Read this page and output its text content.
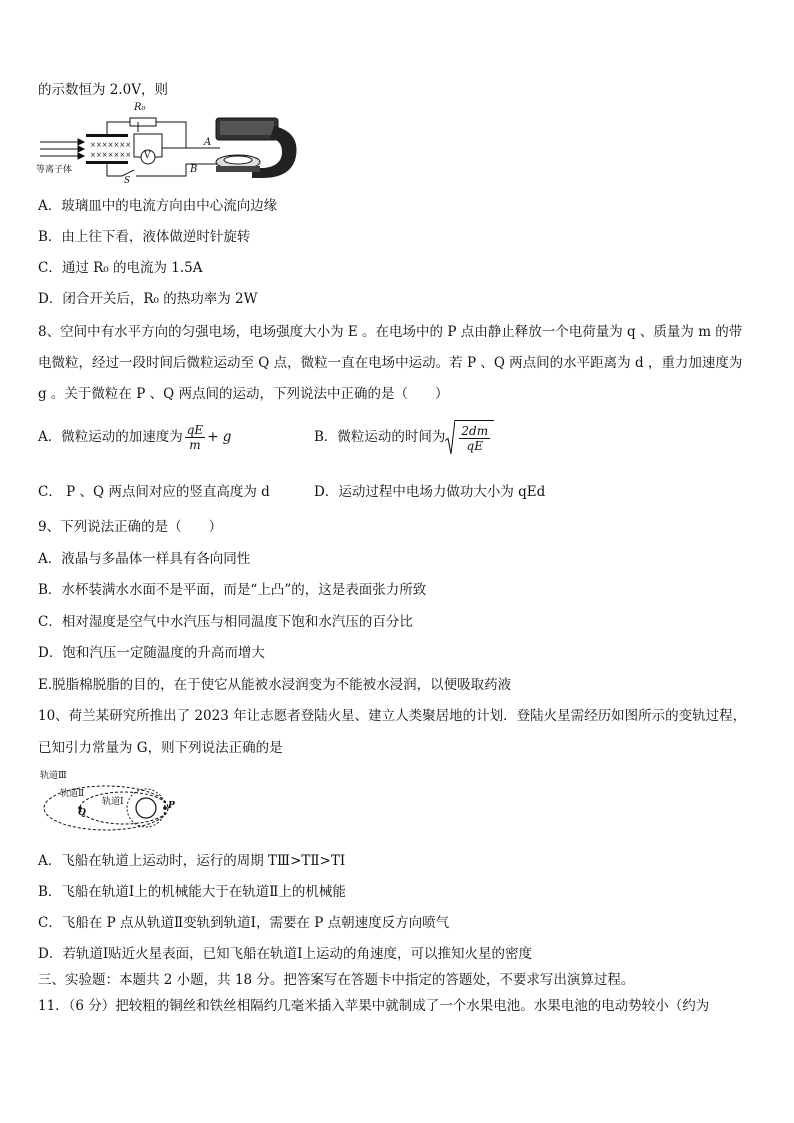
的示数恒为 2.0V，则
×××××××
×××××××
等离子体
R₀
V
S
A
B
A．玻璃皿中的电流方向由中心流向边缘
B．由上往下看，液体做逆时针旋转
C．通过 R₀ 的电流为 1.5A
D．闭合开关后，R₀ 的热功率为 2W
8、空间中有水平方向的匀强电场，电场强度大小为 E 。在电场中的 P 点由静止释放一个电荷量为 q 、质量为 m 的带
电微粒，经过一段时间后微粒运动至 Q 点，微粒一直在电场中运动。若 P 、Q 两点间的水平距离为 d ，重力加速度为
g 。关于微粒在 P 、Q 两点间的运动，下列说法中正确的是（　　）
A．微粒运动的加速度为 $\frac{qE}{m} + g$	B．微粒运动的时间为 $\frac{2dm}{qE}$
C． P 、Q 两点间对应的竖直高度为 d	D．运动过程中电场力做功大小为 qEd
9、下列说法正确的是（　　）
A．液晶与多晶体一样具有各向同性
B．水杯装满水水面不是平面，而是“上凸”的，这是表面张力所致
C．相对湿度是空气中水汽压与相同温度下饱和水汽压的百分比
D．饱和汽压一定随温度的升高而增大
E.脱脂棉脱脂的目的，在于使它从能被水浸润变为不能被水浸润，以便吸取药液
10、荷兰某研究所推出了 2023 年让志愿者登陆火星、建立人类聚居地的计划．登陆火星需经历如图所示的变轨过程，
已知引力常量为 G，则下列说法正确的是
轨道Ⅲ
轨道Ⅱ
轨道Ⅰ
Q
P
A．飞船在轨道上运动时，运行的周期 TⅢ>TⅡ>TⅠ
B．飞船在轨道Ⅰ上的机械能大于在轨道Ⅱ上的机械能
C．飞船在 P 点从轨道Ⅱ变轨到轨道Ⅰ，需要在 P 点朝速度反方向喷气
D．若轨道Ⅰ贴近火星表面，已知飞船在轨道Ⅰ上运动的角速度，可以推知火星的密度
三、实验题：本题共 2 小题，共 18 分。把答案写在答题卡中指定的答题处，不要求写出演算过程。
11．（6 分）把较粗的铜丝和铁丝相隔约几毫米插入苹果中就制成了一个水果电池。水果电池的电动势较小（约为
